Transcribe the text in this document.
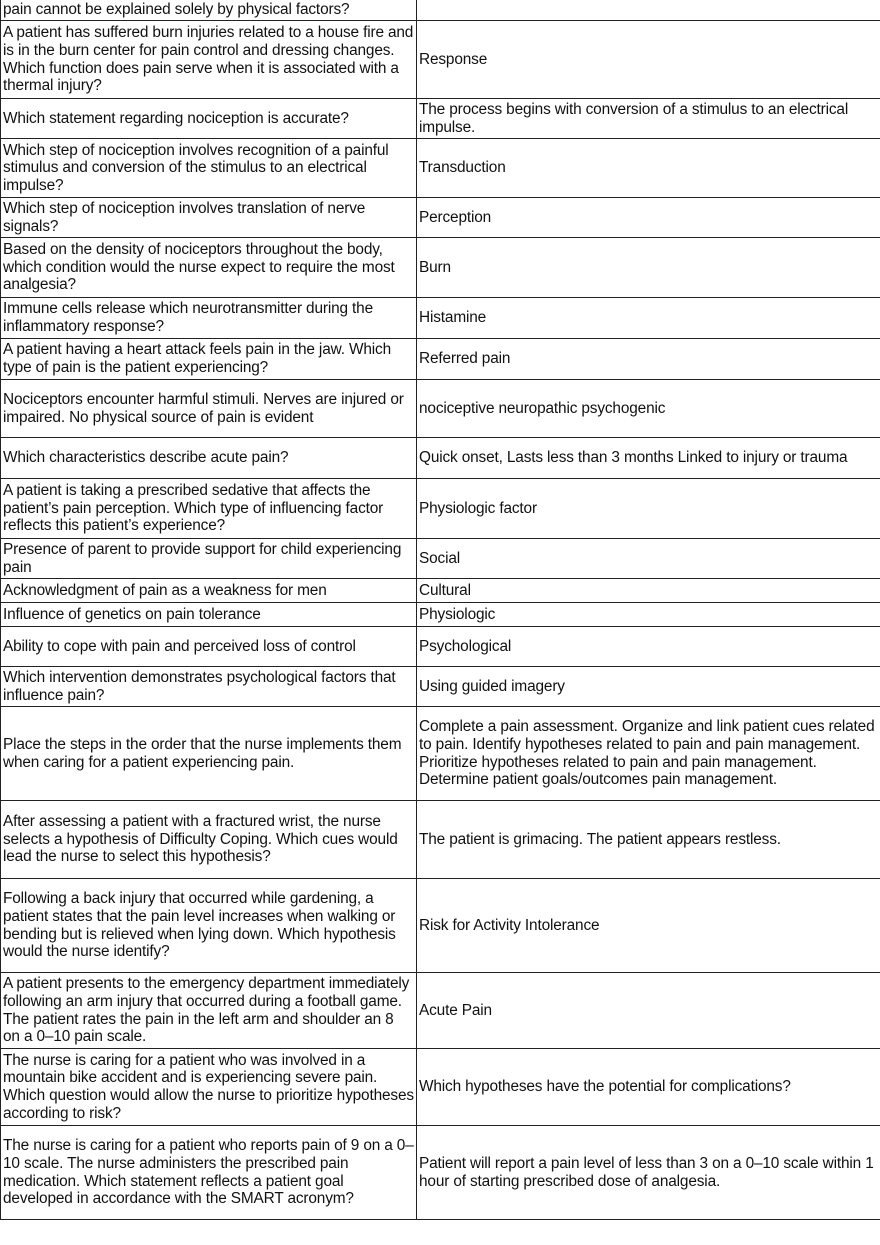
pain cannot be explained solely by physical factors?	
A patient has suffered burn injuries related to a house fire and is in the burn center for pain control and dressing changes. Which function does pain serve when it is associated with a thermal injury?	Response
Which statement regarding nociception is accurate?	The process begins with conversion of a stimulus to an electrical impulse.
Which step of nociception involves recognition of a painful stimulus and conversion of the stimulus to an electrical impulse?	Transduction
Which step of nociception involves translation of nerve signals?	Perception
Based on the density of nociceptors throughout the body, which condition would the nurse expect to require the most analgesia?	Burn
Immune cells release which neurotransmitter during the inflammatory response?	Histamine
A patient having a heart attack feels pain in the jaw. Which type of pain is the patient experiencing?	Referred pain
Nociceptors encounter harmful stimuli. Nerves are injured or impaired. No physical source of pain is evident	nociceptive neuropathic psychogenic
Which characteristics describe acute pain?	Quick onset, Lasts less than 3 months Linked to injury or trauma
A patient is taking a prescribed sedative that affects the patient’s pain perception. Which type of influencing factor reflects this patient’s experience?	Physiologic factor
Presence of parent to provide support for child experiencing pain	Social
Acknowledgment of pain as a weakness for men	Cultural
Influence of genetics on pain tolerance	Physiologic
Ability to cope with pain and perceived loss of control	Psychological
Which intervention demonstrates psychological factors that influence pain?	Using guided imagery
Place the steps in the order that the nurse implements them when caring for a patient experiencing pain.	Complete a pain assessment. Organize and link patient cues related to pain. Identify hypotheses related to pain and pain management. Prioritize hypotheses related to pain and pain management. Determine patient goals/outcomes pain management.
After assessing a patient with a fractured wrist, the nurse selects a hypothesis of Difficulty Coping. Which cues would lead the nurse to select this hypothesis?	The patient is grimacing. The patient appears restless.
Following a back injury that occurred while gardening, a patient states that the pain level increases when walking or bending but is relieved when lying down. Which hypothesis would the nurse identify?	Risk for Activity Intolerance
A patient presents to the emergency department immediately following an arm injury that occurred during a football game. The patient rates the pain in the left arm and shoulder an 8 on a 0–10 pain scale.	Acute Pain
The nurse is caring for a patient who was involved in a mountain bike accident and is experiencing severe pain. Which question would allow the nurse to prioritize hypotheses according to risk?	Which hypotheses have the potential for complications?
The nurse is caring for a patient who reports pain of 9 on a 0–10 scale. The nurse administers the prescribed pain medication. Which statement reflects a patient goal developed in accordance with the SMART acronym?	Patient will report a pain level of less than 3 on a 0–10 scale within 1 hour of starting prescribed dose of analgesia.
